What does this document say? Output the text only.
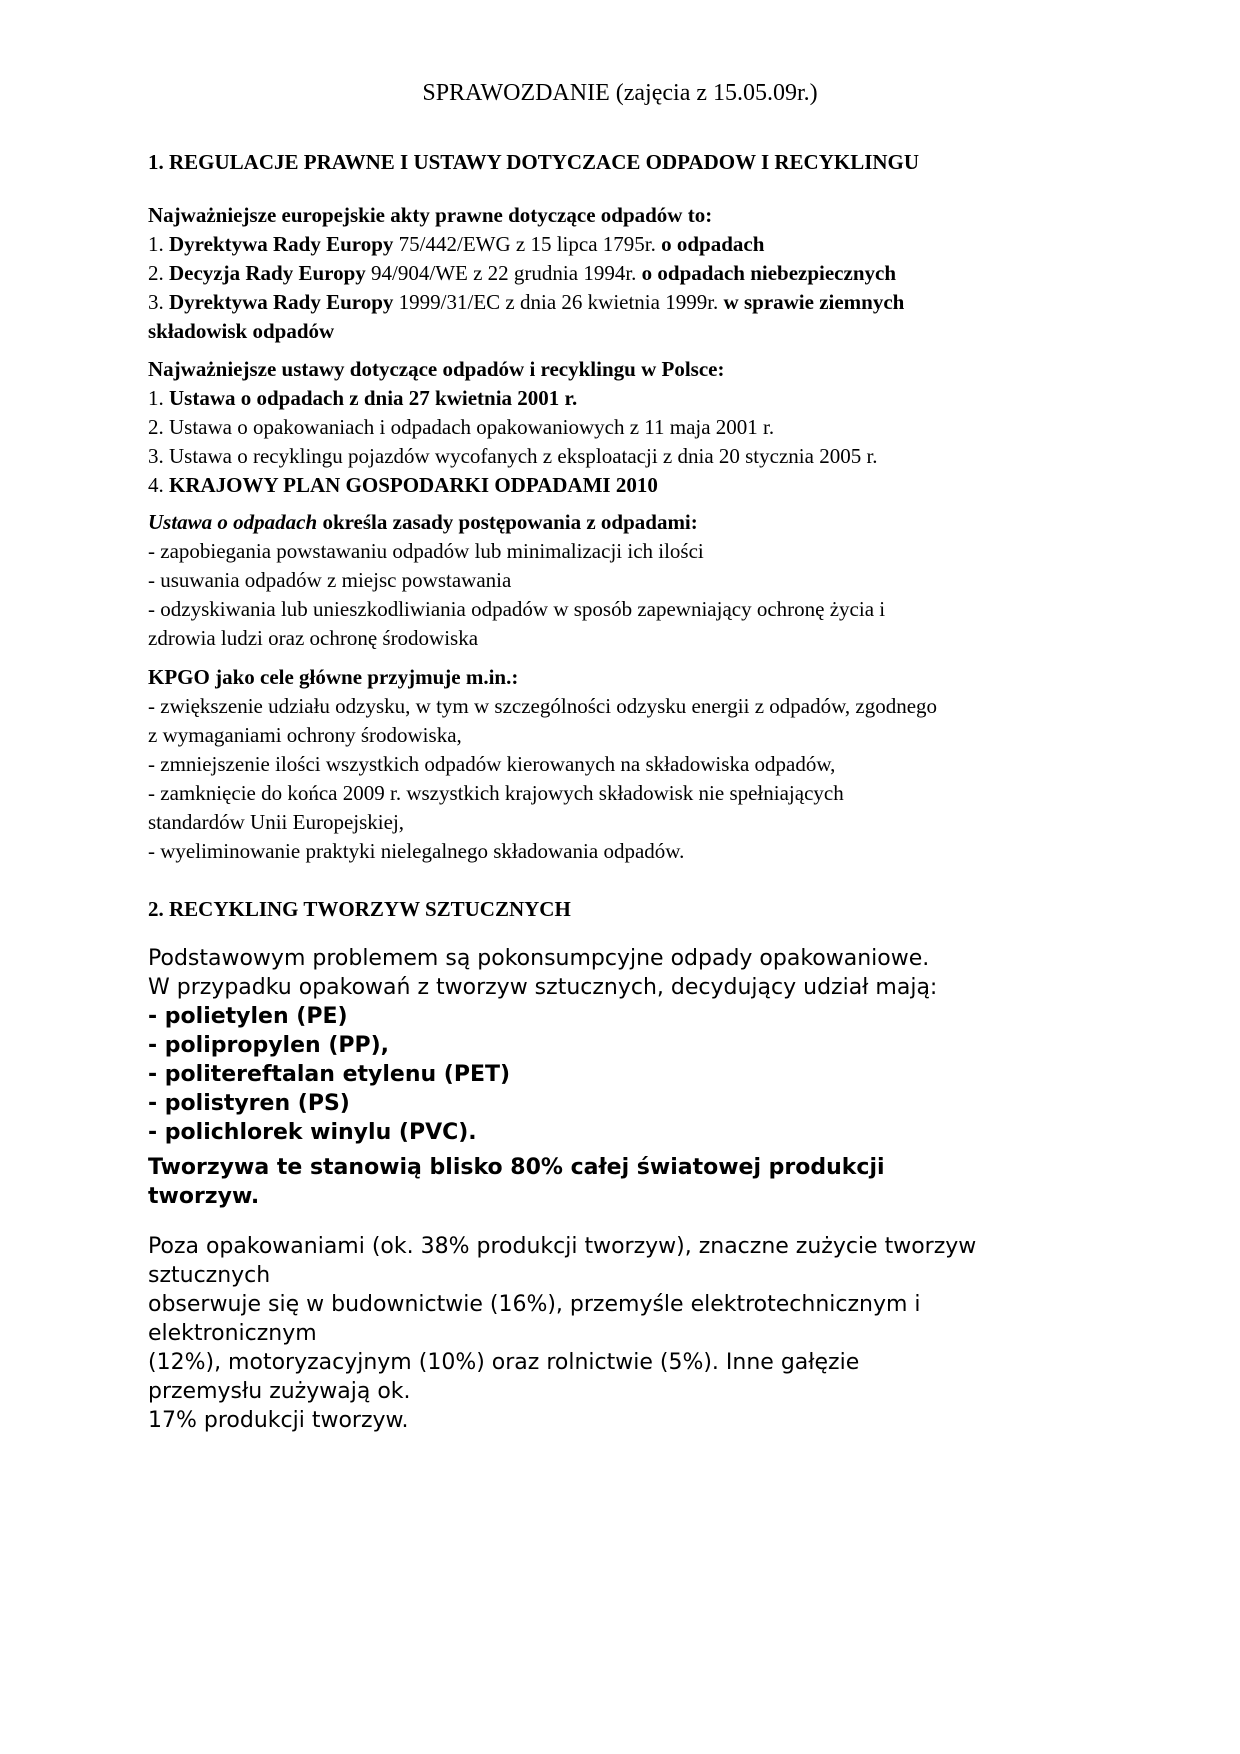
SPRAWOZDANIE (zajęcia z 15.05.09r.)
1. REGULACJE PRAWNE I USTAWY DOTYCZACE ODPADOW I RECYKLINGU
Najważniejsze europejskie akty prawne dotyczące odpadów to:
1. Dyrektywa Rady Europy 75/442/EWG z 15 lipca 1795r. o odpadach
2. Decyzja Rady Europy 94/904/WE z 22 grudnia 1994r. o odpadach niebezpiecznych
3. Dyrektywa Rady Europy 1999/31/EC z dnia 26 kwietnia 1999r. w sprawie ziemnych
składowisk odpadów
Najważniejsze ustawy dotyczące odpadów i recyklingu w Polsce:
1. Ustawa o odpadach z dnia 27 kwietnia 2001 r.
2. Ustawa o opakowaniach i odpadach opakowaniowych z 11 maja 2001 r.
3. Ustawa o recyklingu pojazdów wycofanych z eksploatacji z dnia 20 stycznia 2005 r.
4. KRAJOWY PLAN GOSPODARKI ODPADAMI 2010
Ustawa o odpadach określa zasady postępowania z odpadami:
- zapobiegania powstawaniu odpadów lub minimalizacji ich ilości
- usuwania odpadów z miejsc powstawania
- odzyskiwania lub unieszkodliwiania odpadów w sposób zapewniający ochronę życia i
zdrowia ludzi oraz ochronę środowiska
KPGO jako cele główne przyjmuje m.in.:
- zwiększenie udziału odzysku, w tym w szczególności odzysku energii z odpadów, zgodnego
z wymaganiami ochrony środowiska,
- zmniejszenie ilości wszystkich odpadów kierowanych na składowiska odpadów,
- zamknięcie do końca 2009 r. wszystkich krajowych składowisk nie spełniających
standardów Unii Europejskiej,
- wyeliminowanie praktyki nielegalnego składowania odpadów.
2. RECYKLING TWORZYW SZTUCZNYCH
Podstawowym problemem są pokonsumpcyjne odpady opakowaniowe.
W przypadku opakowań z tworzyw sztucznych, decydujący udział mają:
- polietylen (PE)
- polipropylen (PP),
- politereftalan etylenu (PET)
- polistyren (PS)
- polichlorek winylu (PVC).
Tworzywa te stanowią blisko 80% całej światowej produkcji
tworzyw.
Poza opakowaniami (ok. 38% produkcji tworzyw), znaczne zużycie tworzyw
sztucznych
obserwuje się w budownictwie (16%), przemyśle elektrotechnicznym i
elektronicznym
(12%), motoryzacyjnym (10%) oraz rolnictwie (5%). Inne gałęzie
przemysłu zużywają ok.
17% produkcji tworzyw.
